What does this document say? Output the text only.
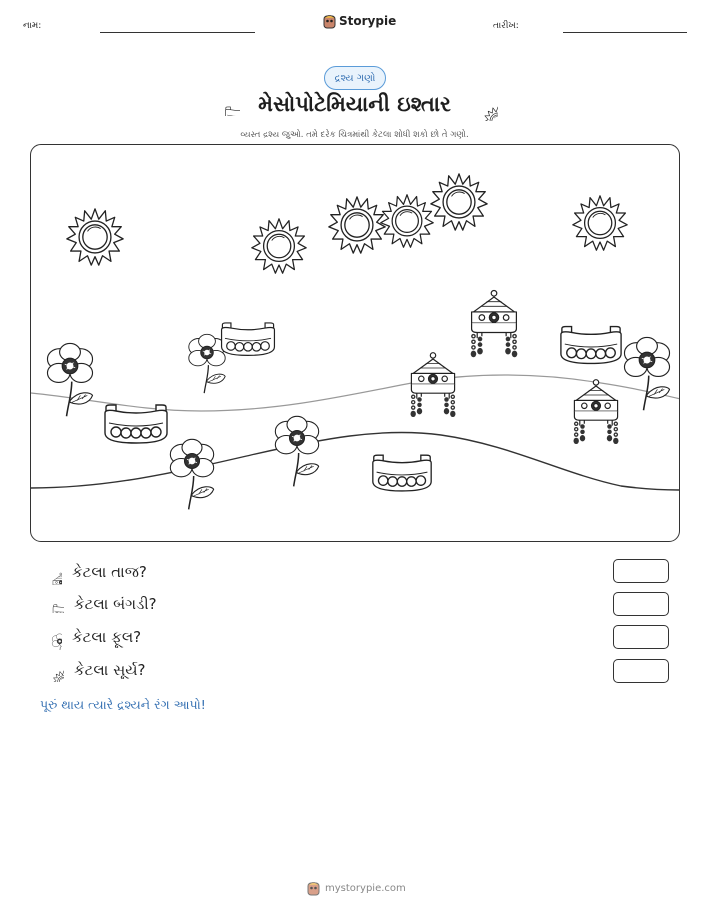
નામ:	Storypie	તારીખ:
દ્રશ્ય ગણો
મેસોપોટેમિયાની ઇશ્તાર
વ્યસ્ત દ્રશ્ય જુઓ. તમે દરેક ચિત્રમાંથી કેટલા શોધી શકો છો તે ગણો.
કેટલા તાજ?
કેટલા બંગડી?
કેટલા ફૂલ?
કેટલા સૂર્ય?
પૂરું થાય ત્યારે દ્રશ્યને રંગ આપો!
mystorypie.com
